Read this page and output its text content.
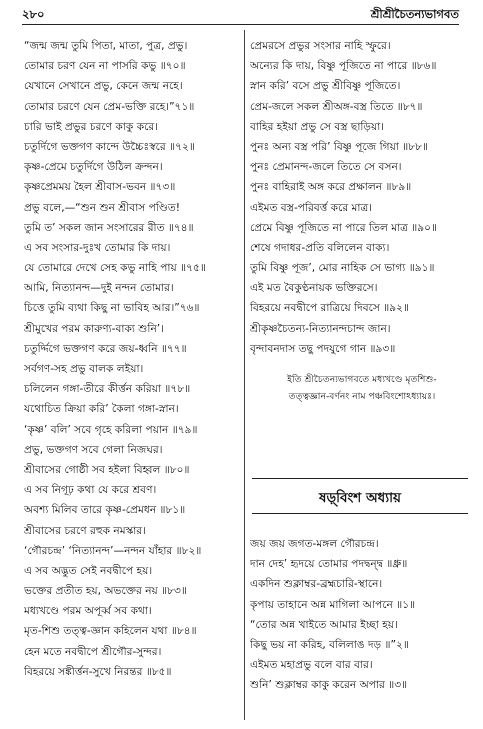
২৮০	শ্রীশ্রীচৈতন্যভাগবত
“জন্ম জন্ম তুমি পিতা, মাতা, পুত্র, প্রভু।
তোমার চরণ যেন না পাসরি কভু ॥৭০॥
যেখানে সেখানে প্রভু, কেনে জন্ম নহে।
তোমার চরণে যেন প্রেম-ভক্তি রহে।”৭১॥
চারি ভাই প্রভুর চরণে কাকু করে।
চতুর্দিগে ভক্তগণ কান্দে উচ্চৈঃস্বরে ॥৭২॥
কৃষ্ণ-প্রেমে চতুর্দিগে উঠিল ক্রন্দন।
কৃষ্ণপ্রেমময় হৈল শ্রীবাস-ভবন ॥৭৩॥
প্রভু বলে,—“শুন শুন শ্রীবাস পণ্ডিত!
তুমি ত’ সকল জান সংসারের রীত ॥৭৪॥
এ সব সংসার-দুঃখ তোমার কি দায়।
যে তোমারে দেখে সেহ কভু নাহি পায় ॥৭৫॥
আমি, নিত্যানন্দ—দুই নন্দন তোমার।
চিত্তে তুমি ব্যথা কিছু না ভাবিহ আর।”৭৬॥
শ্রীমুখের পরম কারুণ্য-বাক্য শুনি’।
চতুর্দ্দিগে ভক্তগণ করে জয়-ধ্বনি ॥৭৭॥
সর্বগণ-সহ প্রভু বালক লইয়া।
চলিলেন গঙ্গা-তীরে কীর্ত্তন করিয়া ॥৭৮॥
যথোচিত ক্রিয়া করি’ কৈলা গঙ্গা-স্নান।
‘কৃষ্ণ’ বলি’ সবে গৃহে করিলা পয়ান ॥৭৯॥
প্রভু, ভক্তগণ সবে গেলা নিজঘর।
শ্রীবাসের গোষ্ঠী সব হইলা বিহ্বল ॥৮০॥
এ সব নিগূঢ় কথা যে করে শ্রবণ।
অবশ্য মিলিব তারে কৃষ্ণ-প্রেমধন ॥৮১॥
শ্রীবাসের চরণে রহুক নমস্কার।
‘গৌরচন্দ্র’ ‘নিত্যানন্দ’—নন্দন যাঁহার ॥৮২॥
এ সব অদ্ভুত সেই নবদ্বীপে হয়।
ভক্তের প্রতীত হয়, অভক্তের নয় ॥৮৩॥
মধ্যখণ্ডে পরম অপূর্ব্ব সব কথা।
মৃত-শিশু তত্ত্ব-জ্ঞান কহিলেন যথা ॥৮৪॥
হেন মতে নবদ্বীপে শ্রীগৌর-সুন্দর।
বিহরয়ে সঙ্কীর্ত্তন-সুখে নিরন্তর ॥৮৫॥
প্রেমরসে প্রভুর সংসার নাহি স্ফুরে।
অন্যের কি দায়, বিষ্ণু পূজিতে না পারে ॥৮৬॥
স্নান করি’ বসে প্রভু শ্রীবিষ্ণু পূজিতে।
প্রেম-জলে সকল শ্রীঅঙ্গ-বস্ত্র তিতে ॥৮৭॥
বাহির হইয়া প্রভু সে বস্ত্র ছাড়িয়া।
পুনঃ অন্য বস্ত্র পরি’ বিষ্ণু পূজে গিয়া ॥৮৮॥
পুনঃ প্রেমানন্দ-জলে তিতে সে বসন।
পুনঃ বাহিরাই অঙ্গ করে প্রক্ষালন ॥৮৯॥
এইমত বস্ত্র-পরিবর্ত্ত করে মাত্র।
প্রেমে বিষ্ণু পূজিতে না পারে তিল মাত্র ॥৯০॥
শেষে গদাধর-প্রতি বলিলেন বাক্য।
তুমি বিষ্ণু পূজ’, মোর নাহিক সে ভাগ্য ॥৯১॥
এই মত বৈকুণ্ঠনায়ক ভক্তিরসে।
বিহরয়ে নবদ্বীপে রাত্রিয়ে দিবসে ॥৯২॥
শ্রীকৃষ্ণচৈতন্য-নিত্যানন্দচান্দ জান।
বৃন্দাবনদাস তছু পদযুগে গান ॥৯৩॥
ইতি শ্রীচৈতন্যভাগবতে মধ্যখণ্ডে মৃতশিশু-
তত্ত্বজ্ঞান-বর্ণনং নাম পঞ্চবিংশোঽধ্যায়ঃ।
ষড়্‌বিংশ অধ্যায়
জয় জয় জগত-মঙ্গল গৌরচন্দ্র।
দান দেহ’ হৃদয়ে তোমার পদদ্বন্দ্ব ॥ধ্রু॥
একদিন শুক্লাম্বর-ব্রহ্মচারি-স্থানে।
কৃপায় তাহানে অন্ন মাগিলা আপনে ॥১॥
“তোর অন্ন খাইতে আমার ইচ্ছা হয়।
কিছু ভয় না করিহ, বলিলাঙ দড় ॥”২॥
এইমত মহাপ্রভু বলে বার বার।
শুনি’ শুক্লাম্বর কাকু করেন অপার ॥৩॥
